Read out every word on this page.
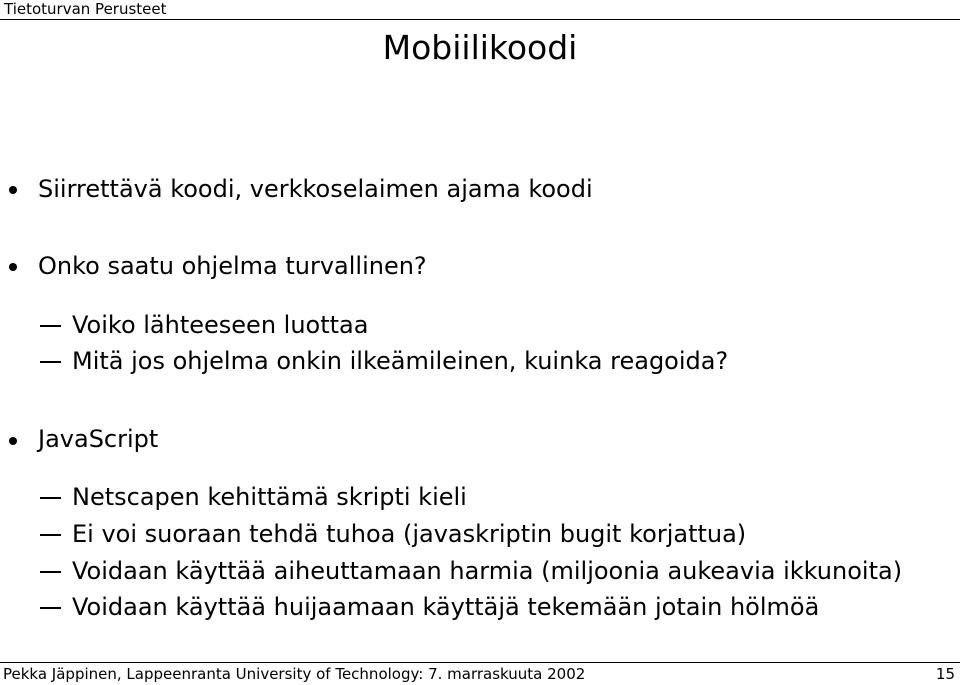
Tietoturvan Perusteet
Mobiilikoodi
Siirrettävä koodi, verkkoselaimen ajama koodi
Onko saatu ohjelma turvallinen?
Voiko lähteeseen luottaa
Mitä jos ohjelma onkin ilkeämileinen, kuinka reagoida?
JavaScript
Netscapen kehittämä skripti kieli
Ei voi suoraan tehdä tuhoa (javaskriptin bugit korjattua)
Voidaan käyttää aiheuttamaan harmia (miljoonia aukeavia ikkunoita)
Voidaan käyttää huijaamaan käyttäjä tekemään jotain hölmöä
Pekka Jäppinen, Lappeenranta University of Technology: 7. marraskuuta 2002	15
